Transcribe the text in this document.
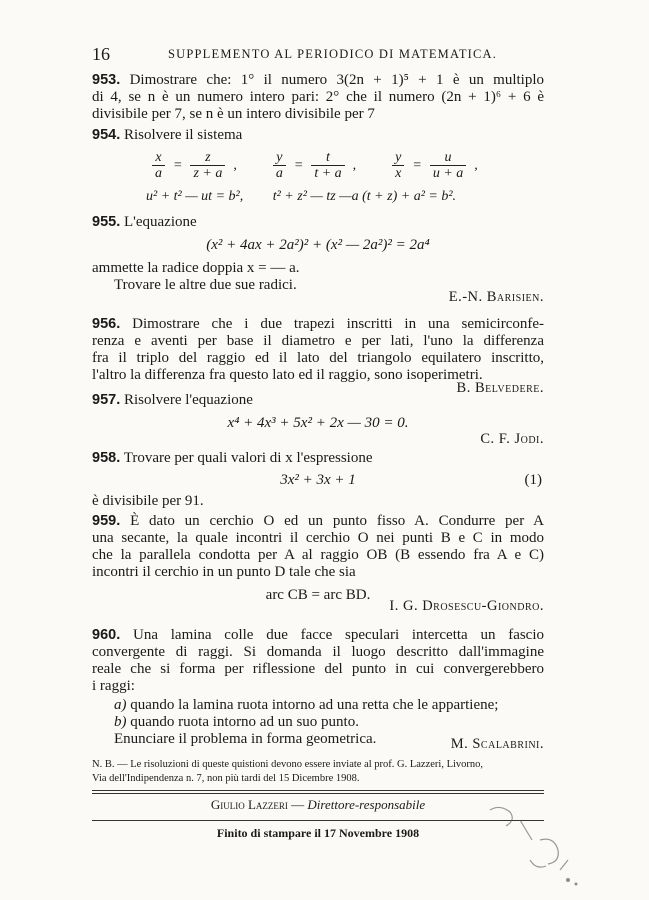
16	SUPPLEMENTO AL PERIODICO DI MATEMATICA.
953. Dimostrare che: 1° il numero 3(2n + 1)⁵ + 1 è un multiplo
di 4, se n è un numero intero pari: 2° che il numero (2n + 1)⁶ + 6 è
divisibile per 7, se n è un intero divisibile per 7
954. Risolvere il sistema
$\frac{x}{a} = \frac{z}{z + a}$ ,	$\frac{y}{a} = \frac{t}{t + a}$ ,	$\frac{y}{x} = \frac{u}{u + a}$ ,
u² + t² — ut = b², t² + z² — tz —a (t + z) + a² = b².
955. L'equazione
(x² + 4ax + 2a²)² + (x² — 2a²)² = 2a⁴
ammette la radice doppia x = — a.
Trovare le altre due sue radici.
E.-N. Barisien.
956. Dimostrare che i due trapezi inscritti in una semicirconfe-
renza e aventi per base il diametro e per lati, l'uno la differenza
fra il triplo del raggio ed il lato del triangolo equilatero inscritto,
l'altro la differenza fra questo lato ed il raggio, sono isoperimetri.
B. Belvedere.
957. Risolvere l'equazione
x⁴ + 4x³ + 5x² + 2x — 30 = 0.
C. F. Jodi.
958. Trovare per quali valori di x l'espressione
3x² + 3x + 1	(1)
è divisibile per 91.
959. È dato un cerchio O ed un punto fisso A. Condurre per A
una secante, la quale incontri il cerchio O nei punti B e C in modo
che la parallela condotta per A al raggio OB (B essendo fra A e C)
incontri il cerchio in un punto D tale che sia
arc CB = arc BD.
I. G. Drosescu-Giondro.
960. Una lamina colle due facce speculari intercetta un fascio
convergente di raggi. Si domanda il luogo descritto dall'immagine
reale che si forma per riflessione del punto in cui convergerebbero
i raggi:
a) quando la lamina ruota intorno ad una retta che le appartiene;
b) quando ruota intorno ad un suo punto.
Enunciare il problema in forma geometrica.	M. Scalabrini.
N. B. — Le risoluzioni di queste quistioni devono essere inviate al prof. G. Lazzeri, Livorno,
Via dell'Indipendenza n. 7, non più tardi del 15 Dicembre 1908.
Giulio Lazzeri — Direttore-responsabile
Finito di stampare il 17 Novembre 1908
